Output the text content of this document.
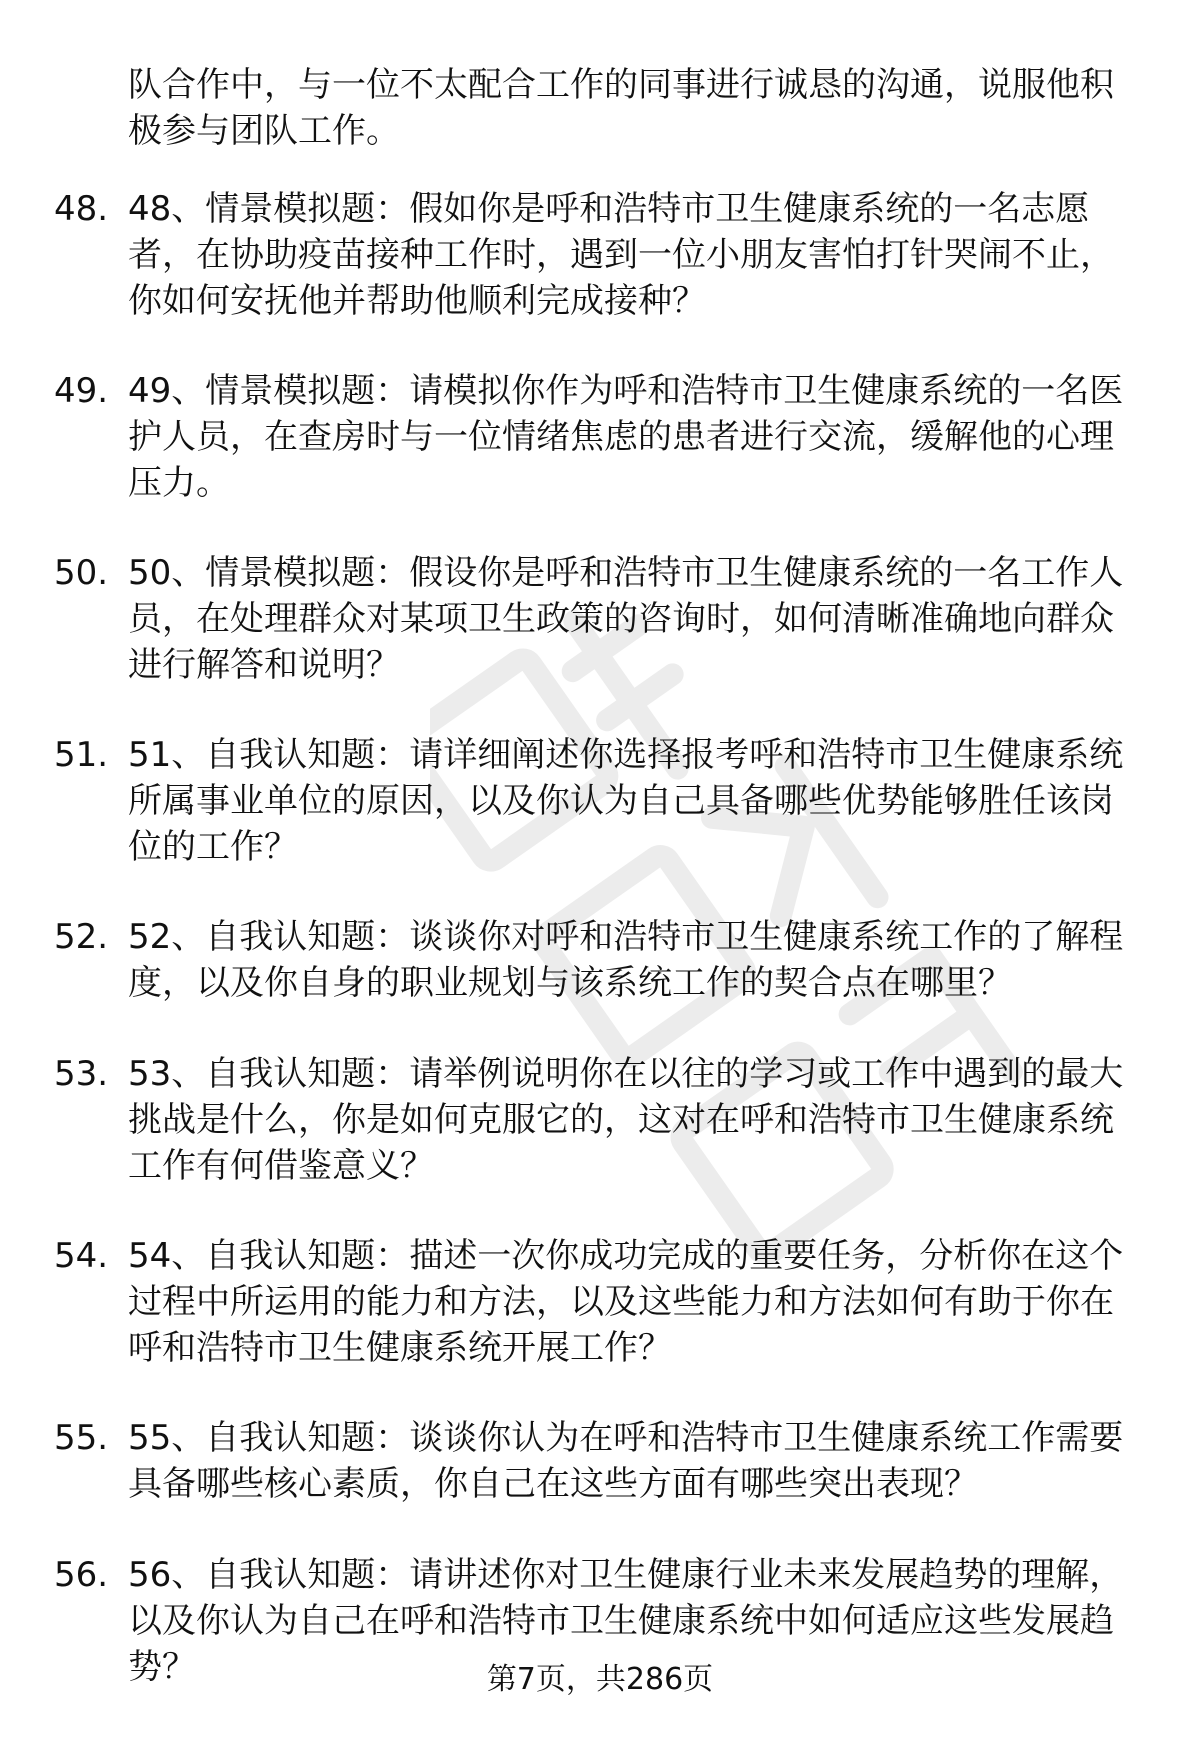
队合作中，与一位不太配合工作的同事进行诚恳的沟通，说服他积极参与团队工作。

48. 48、情景模拟题：假如你是呼和浩特市卫生健康系统的一名志愿者，在协助疫苗接种工作时，遇到一位小朋友害怕打针哭闹不止，你如何安抚他并帮助他顺利完成接种？

49. 49、情景模拟题：请模拟你作为呼和浩特市卫生健康系统的一名医护人员，在查房时与一位情绪焦虑的患者进行交流，缓解他的心理压力。

50. 50、情景模拟题：假设你是呼和浩特市卫生健康系统的一名工作人员，在处理群众对某项卫生政策的咨询时，如何清晰准确地向群众进行解答和说明？

51. 51、自我认知题：请详细阐述你选择报考呼和浩特市卫生健康系统所属事业单位的原因，以及你认为自己具备哪些优势能够胜任该岗位的工作？

52. 52、自我认知题：谈谈你对呼和浩特市卫生健康系统工作的了解程度，以及你自身的职业规划与该系统工作的契合点在哪里？

53. 53、自我认知题：请举例说明你在以往的学习或工作中遇到的最大挑战是什么，你是如何克服它的，这对在呼和浩特市卫生健康系统工作有何借鉴意义？

54. 54、自我认知题：描述一次你成功完成的重要任务，分析你在这个过程中所运用的能力和方法，以及这些能力和方法如何有助于你在呼和浩特市卫生健康系统开展工作？

55. 55、自我认知题：谈谈你认为在呼和浩特市卫生健康系统工作需要具备哪些核心素质，你自己在这些方面有哪些突出表现？

56. 56、自我认知题：请讲述你对卫生健康行业未来发展趋势的理解，以及你认为自己在呼和浩特市卫生健康系统中如何适应这些发展趋势？	第7页，共286页
